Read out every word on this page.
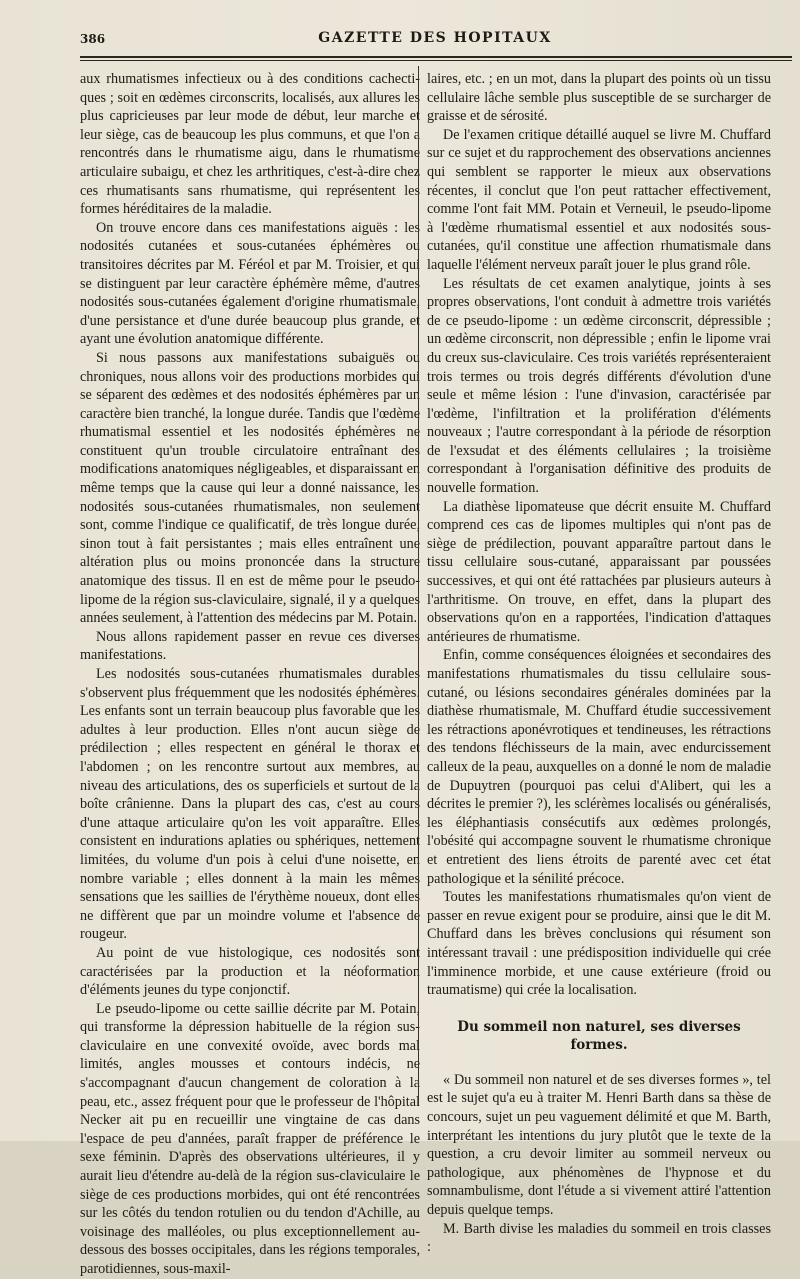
386	GAZETTE DES HOPITAUX

aux rhumatismes infectieux ou à des conditions cachecti-ques ; soit en œdèmes circonscrits, localisés, aux allures les plus capricieuses par leur mode de début, leur marche et leur siège, cas de beaucoup les plus communs, et que l'on a rencontrés dans le rhumatisme aigu, dans le rhumatisme articulaire subaigu, et chez les arthritiques, c'est-à-dire chez ces rhumatisants sans rhumatisme, qui représentent les formes héréditaires de la maladie.

On trouve encore dans ces manifestations aiguës : les nodosités cutanées et sous-cutanées éphémères ou transitoires décrites par M. Féréol et par M. Troisier, et qui se distinguent par leur caractère éphémère même, d'autres nodosités sous-cutanées également d'origine rhumatismale, d'une persistance et d'une durée beaucoup plus grande, et ayant une évolution anatomique différente.

Si nous passons aux manifestations subaiguës ou chroniques, nous allons voir des productions morbides qui se séparent des œdèmes et des nodosités éphémères par un caractère bien tranché, la longue durée. Tandis que l'œdème rhumatismal essentiel et les nodosités éphémères ne constituent qu'un trouble circulatoire entraînant des modifications anatomiques négligeables, et disparaissant en même temps que la cause qui leur a donné naissance, les nodosités sous-cutanées rhumatismales, non seulement sont, comme l'indique ce qualificatif, de très longue durée, sinon tout à fait persistantes ; mais elles entraînent une altération plus ou moins prononcée dans la structure anatomique des tissus. Il en est de même pour le pseudo-lipome de la région sus-claviculaire, signalé, il y a quelques années seulement, à l'attention des médecins par M. Potain.

Nous allons rapidement passer en revue ces diverses manifestations.

Les nodosités sous-cutanées rhumatismales durables s'observent plus fréquemment que les nodosités éphémères. Les enfants sont un terrain beaucoup plus favorable que les adultes à leur production. Elles n'ont aucun siège de prédilection ; elles respectent en général le thorax et l'abdomen ; on les rencontre surtout aux membres, au niveau des articulations, des os superficiels et surtout de la boîte crânienne. Dans la plupart des cas, c'est au cours d'une attaque articulaire qu'on les voit apparaître. Elles consistent en indurations aplaties ou sphériques, nettement limitées, du volume d'un pois à celui d'une noisette, en nombre variable ; elles donnent à la main les mêmes sensations que les saillies de l'érythème noueux, dont elles ne diffèrent que par un moindre volume et l'absence de rougeur.

Au point de vue histologique, ces nodosités sont caractérisées par la production et la néoformation d'éléments jeunes du type conjonctif.

Le pseudo-lipome ou cette saillie décrite par M. Potain, qui transforme la dépression habituelle de la région sus-claviculaire en une convexité ovoïde, avec bords mal limités, angles mousses et contours indécis, ne s'accompagnant d'aucun changement de coloration à la peau, etc., assez fréquent pour que le professeur de l'hôpital Necker ait pu en recueillir une vingtaine de cas dans l'espace de peu d'années, paraît frapper de préférence le sexe féminin. D'après des observations ultérieures, il y aurait lieu d'étendre au-delà de la région sus-claviculaire le siège de ces productions morbides, qui ont été rencontrées sur les côtés du tendon rotulien ou du tendon d'Achille, au voisinage des malléoles, ou plus exceptionnellement au-dessous des bosses occipitales, dans les régions temporales, parotidiennes, sous-maxil-

laires, etc. ; en un mot, dans la plupart des points où un tissu cellulaire lâche semble plus susceptible de se surcharger de graisse et de sérosité.

De l'examen critique détaillé auquel se livre M. Chuffard sur ce sujet et du rapprochement des observations anciennes qui semblent se rapporter le mieux aux observations récentes, il conclut que l'on peut rattacher effectivement, comme l'ont fait MM. Potain et Verneuil, le pseudo-lipome à l'œdème rhumatismal essentiel et aux nodosités sous-cutanées, qu'il constitue une affection rhumatismale dans laquelle l'élément nerveux paraît jouer le plus grand rôle.

Les résultats de cet examen analytique, joints à ses propres observations, l'ont conduit à admettre trois variétés de ce pseudo-lipome : un œdème circonscrit, dépressible ; un œdème circonscrit, non dépressible ; enfin le lipome vrai du creux sus-claviculaire. Ces trois variétés représenteraient trois termes ou trois degrés différents d'évolution d'une seule et même lésion : l'une d'invasion, caractérisée par l'œdème, l'infiltration et la prolifération d'éléments nouveaux ; l'autre correspondant à la période de résorption de l'exsudat et des éléments cellulaires ; la troisième correspondant à l'organisation définitive des produits de nouvelle formation.

La diathèse lipomateuse que décrit ensuite M. Chuffard comprend ces cas de lipomes multiples qui n'ont pas de siège de prédilection, pouvant apparaître partout dans le tissu cellulaire sous-cutané, apparaissant par poussées successives, et qui ont été rattachées par plusieurs auteurs à l'arthritisme. On trouve, en effet, dans la plupart des observations qu'on en a rapportées, l'indication d'attaques antérieures de rhumatisme.

Enfin, comme conséquences éloignées et secondaires des manifestations rhumatismales du tissu cellulaire sous-cutané, ou lésions secondaires générales dominées par la diathèse rhumatismale, M. Chuffard étudie successivement les rétractions aponévrotiques et tendineuses, les rétractions des tendons fléchisseurs de la main, avec endurcissement calleux de la peau, auxquelles on a donné le nom de maladie de Dupuytren (pourquoi pas celui d'Alibert, qui les a décrites le premier ?), les sclérèmes localisés ou généralisés, les éléphantiasis consécutifs aux œdèmes prolongés, l'obésité qui accompagne souvent le rhumatisme chronique et entretient des liens étroits de parenté avec cet état pathologique et la sénilité précoce.

Toutes les manifestations rhumatismales qu'on vient de passer en revue exigent pour se produire, ainsi que le dit M. Chuffard dans les brèves conclusions qui résument son intéressant travail : une prédisposition individuelle qui crée l'imminence morbide, et une cause extérieure (froid ou traumatisme) qui crée la localisation.

Du sommeil non naturel, ses diverses formes.

« Du sommeil non naturel et de ses diverses formes », tel est le sujet qu'a eu à traiter M. Henri Barth dans sa thèse de concours, sujet un peu vaguement délimité et que M. Barth, interprétant les intentions du jury plutôt que le texte de la question, a cru devoir limiter au sommeil nerveux ou pathologique, aux phénomènes de l'hypnose et du somnambulisme, dont l'étude a si vivement attiré l'attention depuis quelque temps.

M. Barth divise les maladies du sommeil en trois classes :
